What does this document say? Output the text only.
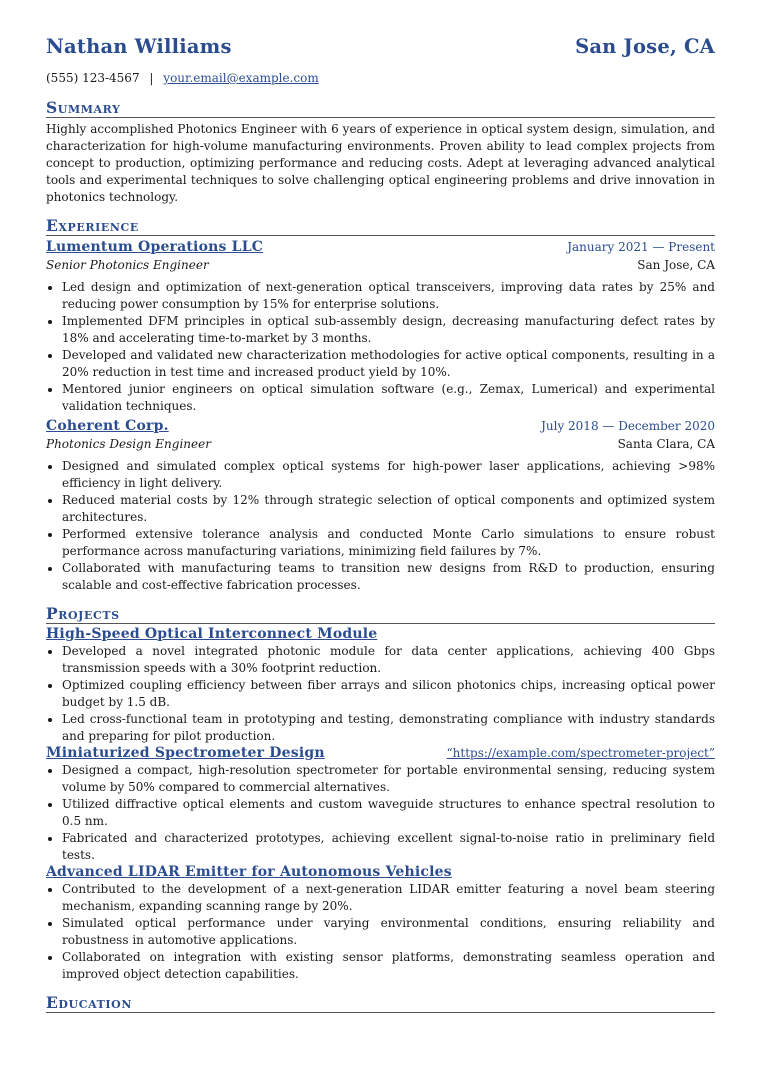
Nathan Williams	San Jose, CA
(555) 123-4567 | your.email@example.com
Summary
Highly accomplished Photonics Engineer with 6 years of experience in optical system design, simulation, and characterization for high-volume manufacturing environments. Proven ability to lead complex projects from concept to production, optimizing performance and reducing costs. Adept at leveraging advanced analytical tools and experimental techniques to solve challenging optical engineering problems and drive innovation in photonics technology.
Experience
Lumentum Operations LLC	January 2021 — Present
Senior Photonics Engineer	San Jose, CA
• Led design and optimization of next-generation optical transceivers, improving data rates by 25% and reducing power consumption by 15% for enterprise solutions.
• Implemented DFM principles in optical sub-assembly design, decreasing manufacturing defect rates by 18% and accelerating time-to-market by 3 months.
• Developed and validated new characterization methodologies for active optical components, resulting in a 20% reduction in test time and increased product yield by 10%.
• Mentored junior engineers on optical simulation software (e.g., Zemax, Lumerical) and experimental validation techniques.
Coherent Corp.	July 2018 — December 2020
Photonics Design Engineer	Santa Clara, CA
• Designed and simulated complex optical systems for high-power laser applications, achieving >98% efficiency in light delivery.
• Reduced material costs by 12% through strategic selection of optical components and optimized system architectures.
• Performed extensive tolerance analysis and conducted Monte Carlo simulations to ensure robust performance across manufacturing variations, minimizing field failures by 7%.
• Collaborated with manufacturing teams to transition new designs from R&D to production, ensuring scalable and cost-effective fabrication processes.
Projects
High-Speed Optical Interconnect Module
• Developed a novel integrated photonic module for data center applications, achieving 400 Gbps transmission speeds with a 30% footprint reduction.
• Optimized coupling efficiency between fiber arrays and silicon photonics chips, increasing optical power budget by 1.5 dB.
• Led cross-functional team in prototyping and testing, demonstrating compliance with industry standards and preparing for pilot production.
Miniaturized Spectrometer Design	“https://example.com/spectrometer-project”
• Designed a compact, high-resolution spectrometer for portable environmental sensing, reducing system volume by 50% compared to commercial alternatives.
• Utilized diffractive optical elements and custom waveguide structures to enhance spectral resolution to 0.5 nm.
• Fabricated and characterized prototypes, achieving excellent signal-to-noise ratio in preliminary field tests.
Advanced LIDAR Emitter for Autonomous Vehicles
• Contributed to the development of a next-generation LIDAR emitter featuring a novel beam steering mechanism, expanding scanning range by 20%.
• Simulated optical performance under varying environmental conditions, ensuring reliability and robustness in automotive applications.
• Collaborated on integration with existing sensor platforms, demonstrating seamless operation and improved object detection capabilities.
Education
